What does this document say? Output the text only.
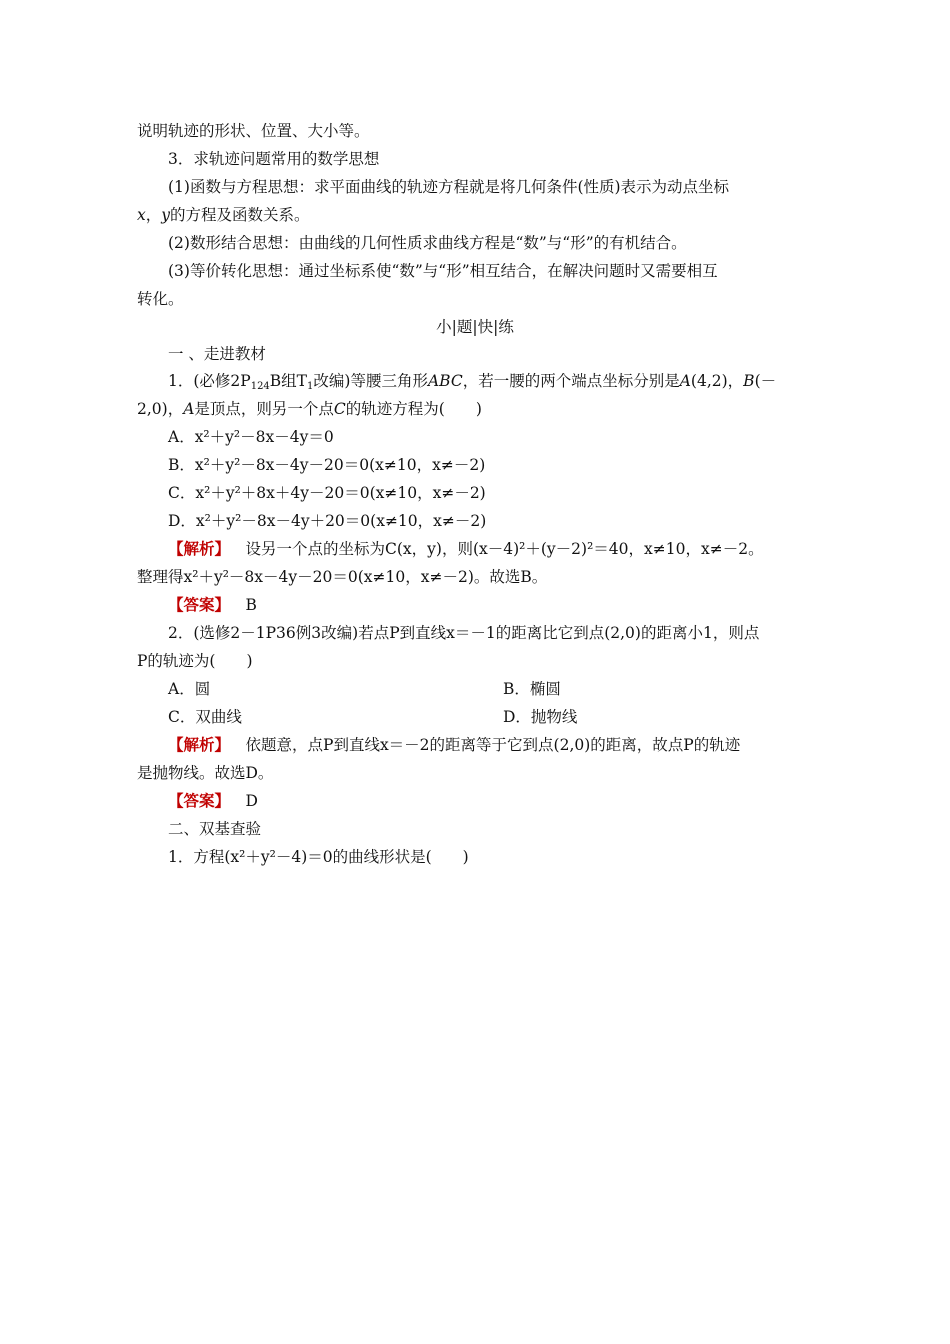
说明轨迹的形状、位置、大小等。
3．求轨迹问题常用的数学思想
(1)函数与方程思想：求平面曲线的轨迹方程就是将几何条件(性质)表示为动点坐标
x，y的方程及函数关系。
(2)数形结合思想：由曲线的几何性质求曲线方程是“数”与“形”的有机结合。
(3)等价转化思想：通过坐标系使“数”与“形”相互结合，在解决问题时又需要相互
转化。
小|题|快|练
一 、走进教材
1．(必修$2P_{124}B$组$T_1$改编)等腰三角形ABC，若一腰的两个端点坐标分别是A(4,2)，B(－
2,0)，A是顶点，则另一个点C的轨迹方程为(　　)
A．x²＋y²－8x－4y＝0
B．x²＋y²－8x－4y－20＝0(x≠10，x≠－2)
C．x²＋y²＋8x＋4y－20＝0(x≠10，x≠－2)
D．x²＋y²－8x－4y＋20＝0(x≠10，x≠－2)
【解析】  设另一个点的坐标为C(x，y)，则(x－4)²＋(y－2)²＝40，x≠10，x≠－2。
整理得x²＋y²－8x－4y－20＝0(x≠10，x≠－2)。故选B。
【答案】  B
2．(选修2－1P36例3改编)若点P到直线x＝－1的距离比它到点(2,0)的距离小1，则点
P的轨迹为(　　)
A．圆	B．椭圆
C．双曲线	D．抛物线
【解析】  依题意，点P到直线x＝－2的距离等于它到点(2,0)的距离，故点P的轨迹
是抛物线。故选D。
【答案】  D
二、双基查验
1．方程(x²＋y²－4)＝0的曲线形状是(　　)
